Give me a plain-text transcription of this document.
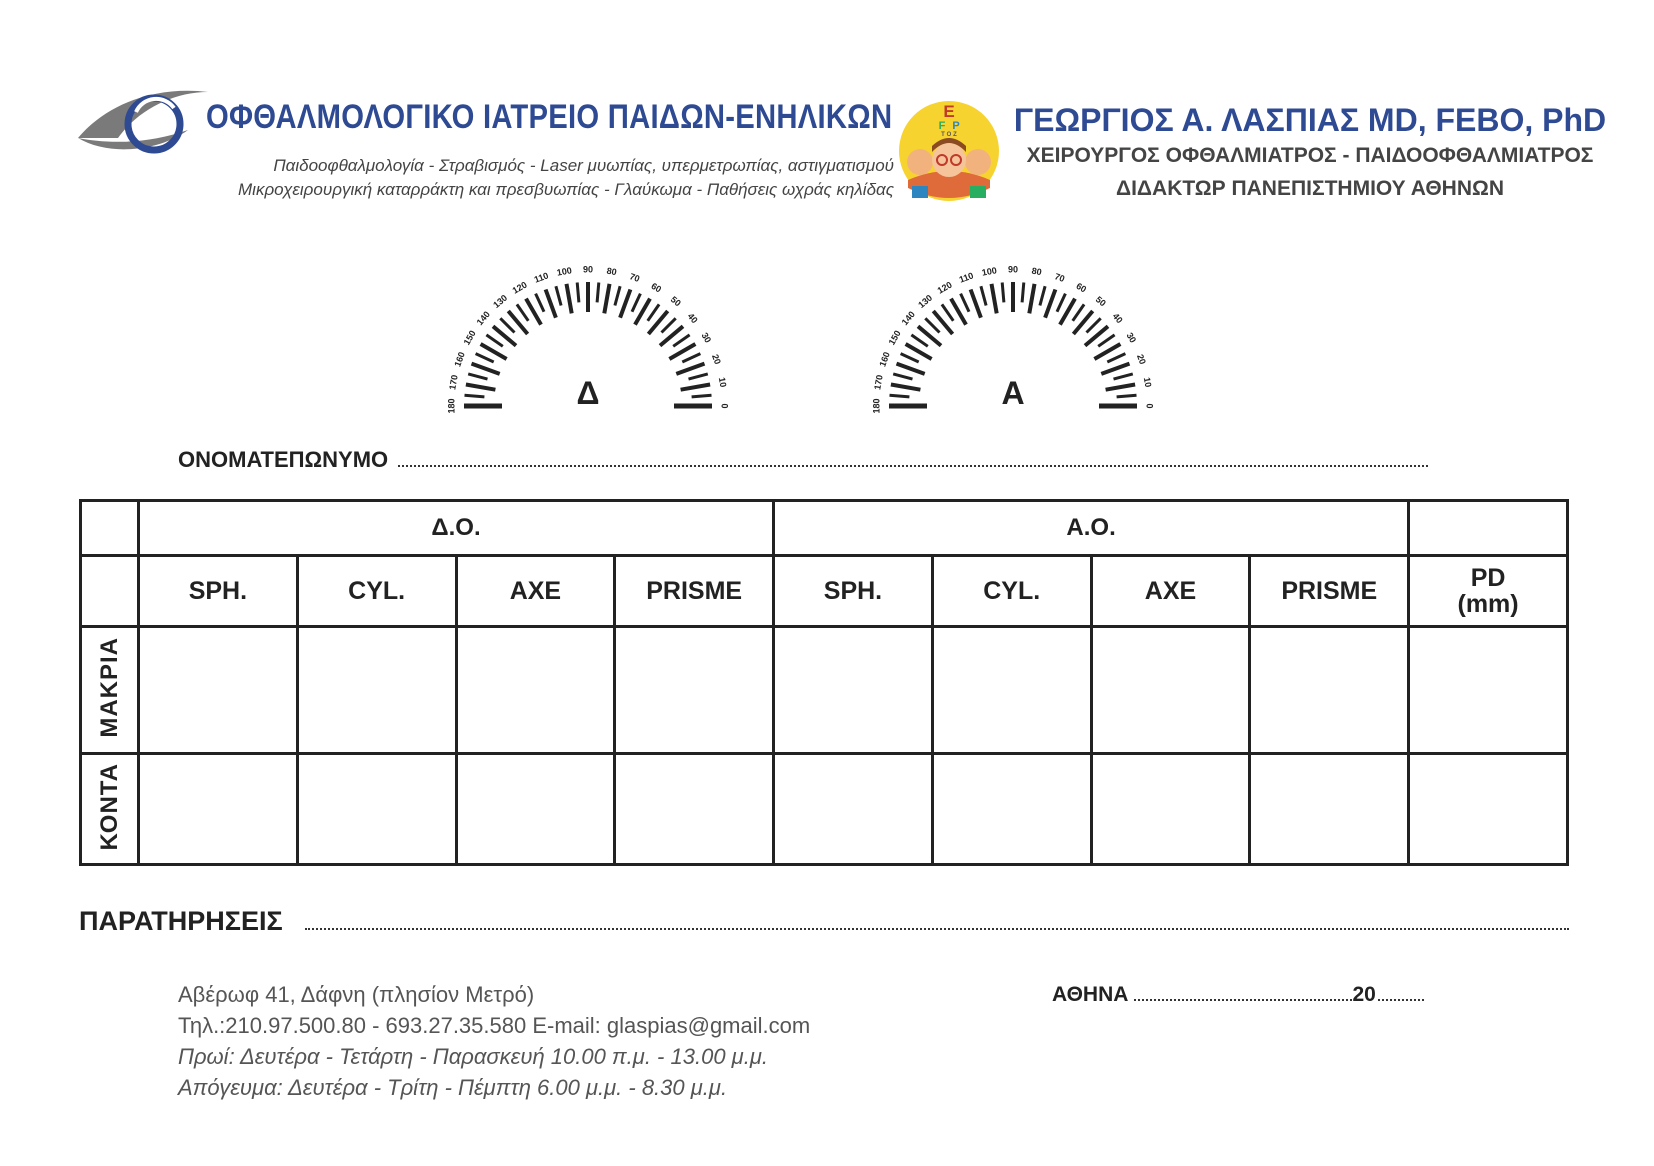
ΟΦΘΑΛΜΟΛΟΓΙΚΟ ΙΑΤΡΕΙΟ ΠΑΙΔΩΝ-ΕΝΗΛΙΚΩΝ
Παιδοοφθαλμολογία - Στραβισμός - Laser μυωπίας, υπερμετρωπίας, αστιγματισμού
Μικροχειρουργική καταρράκτη και πρεσβυωπίας - Γλαύκωμα - Παθήσεις ωχράς κηλίδας
E
F P
T O Z	ΓΕΩΡΓΙΟΣ Α. ΛΑΣΠΙΑΣ MD, FEBO, PhD
ΧΕΙΡΟΥΡΓΟΣ ΟΦΘΑΛΜΙΑΤΡΟΣ - ΠΑΙΔΟΟΦΘΑΛΜΙΑΤΡΟΣ
ΔΙΔΑΚΤΩΡ ΠΑΝΕΠΙΣΤΗΜΙΟΥ ΑΘΗΝΩΝ
0
10
20
30
40
50
60
70
80
90
100
110
120
130
140
150
160
170
180	Δ	0
10
20
30
40
50
60
70
80
90
100
110
120
130
140
150
160
170
180	Α
ΟΝΟΜΑΤΕΠΩΝΥΜΟ
	Δ.Ο.				Α.Ο.				
	SPH.	CYL.	AXE	PRISME	SPH.	CYL.	AXE	PRISME	PD
(mm)
ΜΑΚΡΙΑ									
ΚΟΝΤΑ									
ΠΑΡΑΤΗΡΗΣΕΙΣ
Αβέρωφ 41, Δάφνη (πλησίον Μετρό)
Τηλ.:210.97.500.80 - 693.27.35.580 E-mail: glaspias@gmail.com
Πρωί: Δευτέρα - Τετάρτη - Παρασκευή 10.00 π.μ. - 13.00 μ.μ.
Απόγευμα: Δευτέρα - Τρίτη - Πέμπτη 6.00 μ.μ. - 8.30 μ.μ.
ΑΘΗΝΑ	20
